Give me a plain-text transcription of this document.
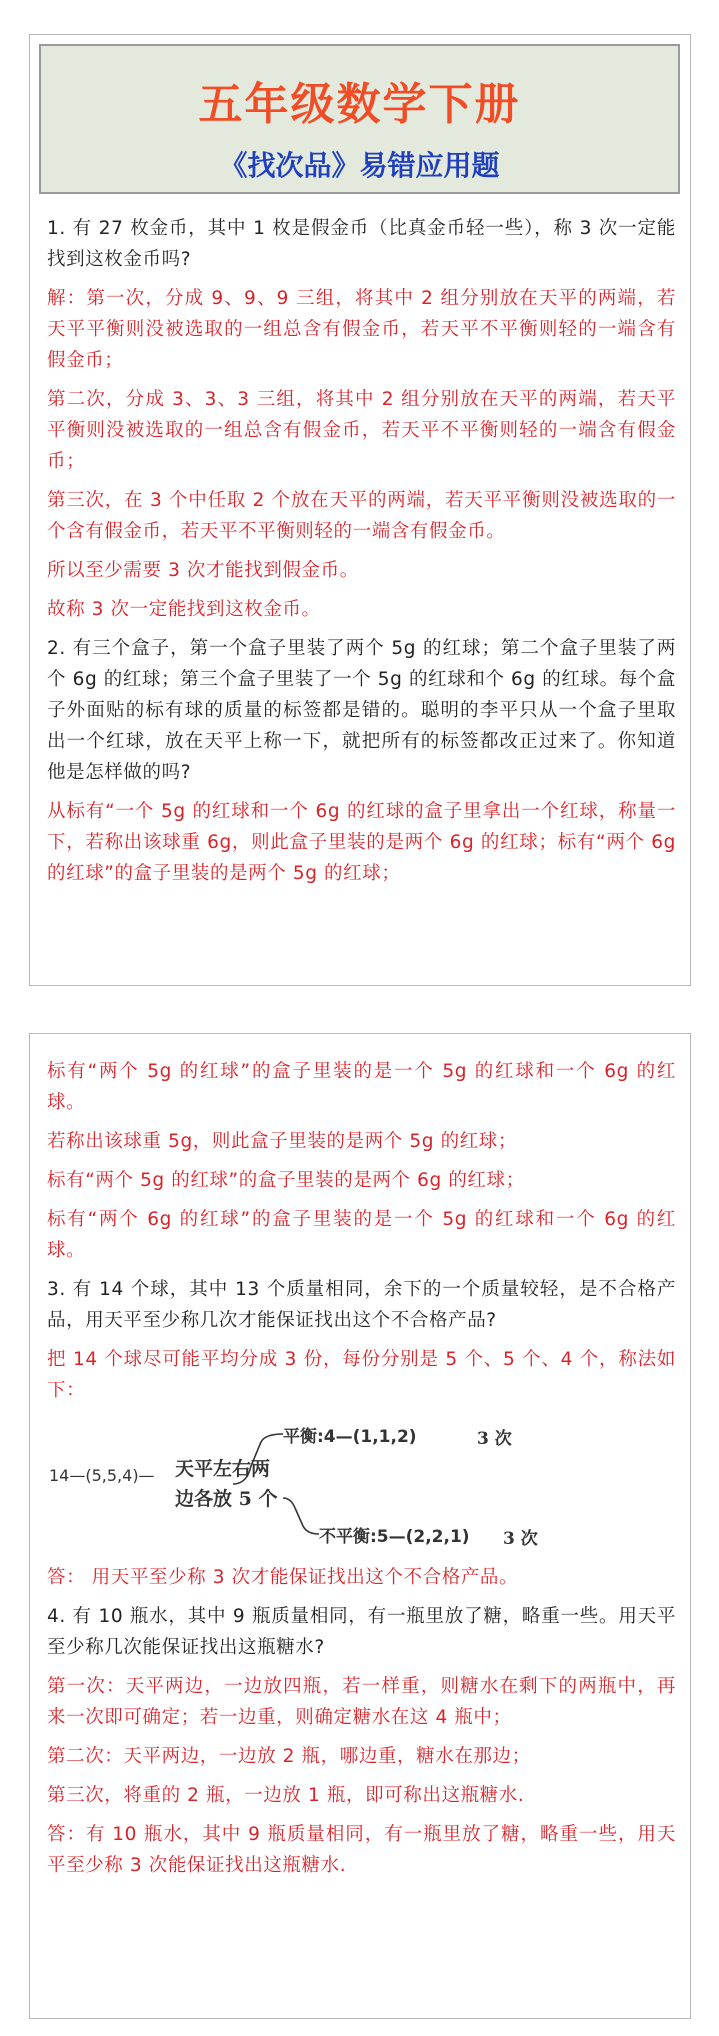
五年级数学下册
《找次品》易错应用题
1. 有 27 枚金币，其中 1 枚是假金币（比真金币轻一些），称 3 次一定能找到这枚金币吗?
解：第一次，分成 9、9、9 三组，将其中 2 组分别放在天平的两端，若天平平衡则没被选取的一组总含有假金币，若天平不平衡则轻的一端含有假金币；
第二次，分成 3、3、3 三组，将其中 2 组分别放在天平的两端，若天平平衡则没被选取的一组总含有假金币，若天平不平衡则轻的一端含有假金币；
第三次，在 3 个中任取 2 个放在天平的两端，若天平平衡则没被选取的一个含有假金币，若天平不平衡则轻的一端含有假金币。
所以至少需要 3 次才能找到假金币。
故称 3 次一定能找到这枚金币。
2. 有三个盒子，第一个盒子里装了两个 5g 的红球；第二个盒子里装了两个 6g 的红球；第三个盒子里装了一个 5g 的红球和个 6g 的红球。每个盒子外面贴的标有球的质量的标签都是错的。聪明的李平只从一个盒子里取出一个红球，放在天平上称一下，就把所有的标签都改正过来了。你知道他是怎样做的吗?
从标有“一个 5g 的红球和一个 6g 的红球的盒子里拿出一个红球，称量一下，若称出该球重 6g，则此盒子里装的是两个 6g 的红球；标有“两个 6g 的红球”的盒子里装的是两个 5g 的红球；
标有“两个 5g 的红球”的盒子里装的是一个 5g 的红球和一个 6g 的红球。
若称出该球重 5g，则此盒子里装的是两个 5g 的红球；
标有“两个 5g 的红球”的盒子里装的是两个 6g 的红球；
标有“两个 6g 的红球”的盒子里装的是一个 5g 的红球和一个 6g 的红球。
3. 有 14 个球，其中 13 个质量相同，余下的一个质量较轻，是不合格产品，用天平至少称几次才能保证找出这个不合格产品?
把 14 个球尽可能平均分成 3 份，每份分别是 5 个、5 个、4 个，称法如下：
14—(5,5,4)— 天平左右两
边各放 5 个
平衡:4—(1,1,2)	3 次
不平衡:5—(2,2,1) 3 次
答： 用天平至少称 3 次才能保证找出这个不合格产品。
4. 有 10 瓶水，其中 9 瓶质量相同，有一瓶里放了糖，略重一些。用天平至少称几次能保证找出这瓶糖水?
第一次：天平两边，一边放四瓶，若一样重，则糖水在剩下的两瓶中，再来一次即可确定；若一边重，则确定糖水在这 4 瓶中；
第二次：天平两边，一边放 2 瓶，哪边重，糖水在那边；
第三次，将重的 2 瓶，一边放 1 瓶，即可称出这瓶糖水.
答：有 10 瓶水，其中 9 瓶质量相同，有一瓶里放了糖，略重一些，用天平至少称 3 次能保证找出这瓶糖水.
